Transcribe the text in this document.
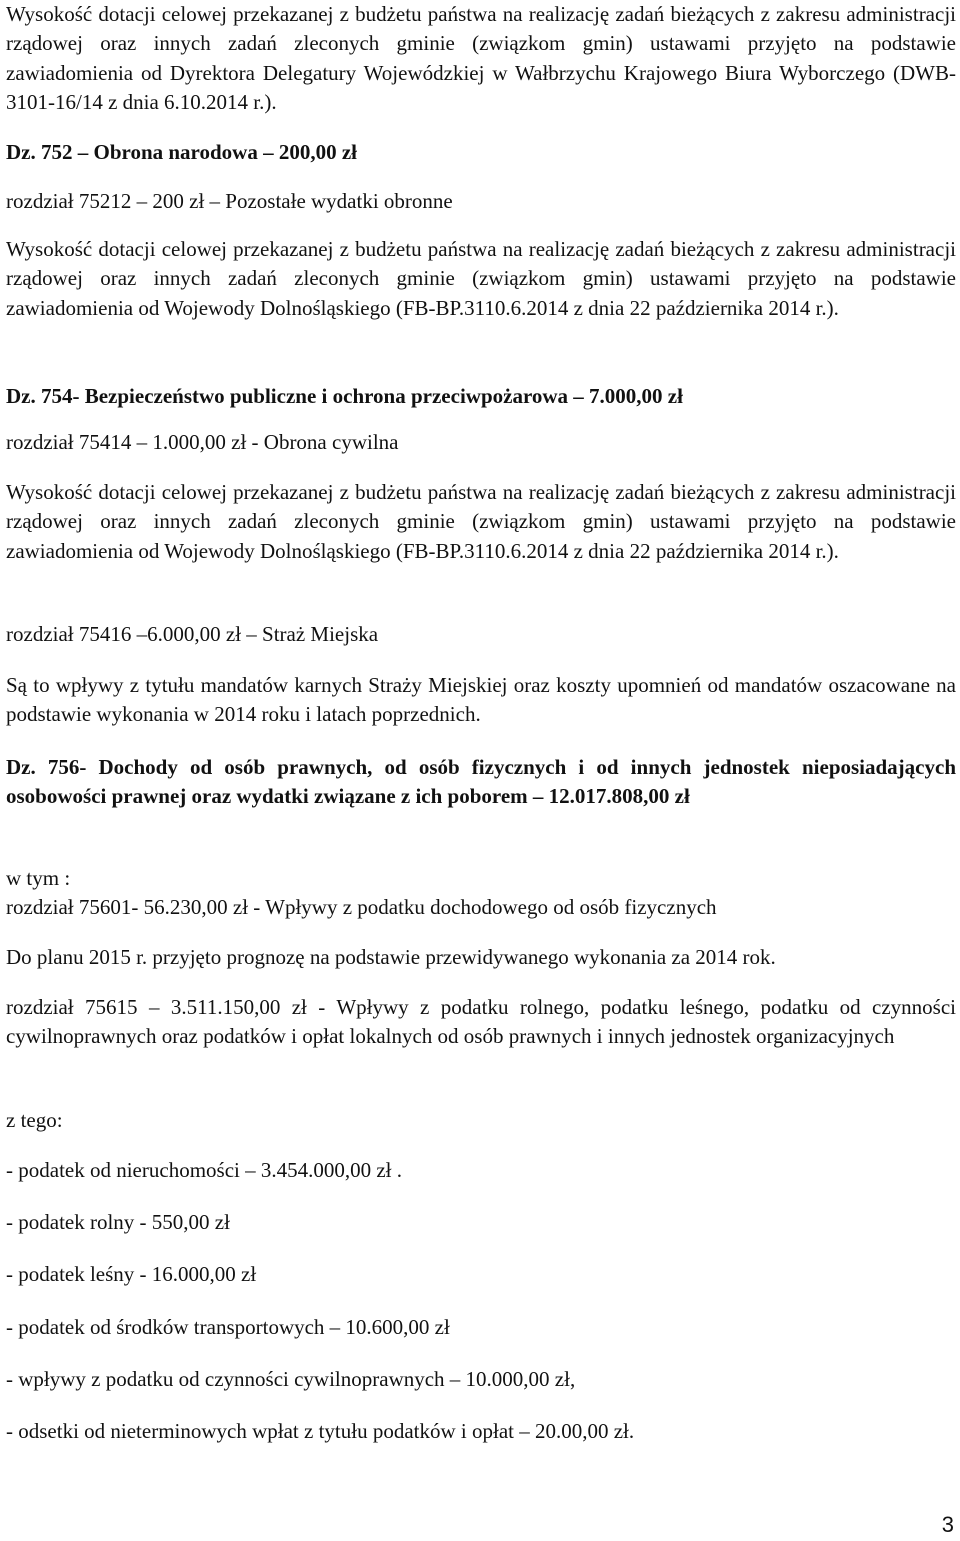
Wysokość dotacji celowej przekazanej z budżetu państwa na realizację zadań bieżących z zakresu administracji rządowej oraz innych zadań zleconych gminie (związkom gmin) ustawami przyjęto na podstawie zawiadomienia od Dyrektora Delegatury Wojewódzkiej w Wałbrzychu Krajowego Biura Wyborczego (DWB-3101-16/14 z dnia 6.10.2014 r.).

Dz. 752 – Obrona narodowa – 200,00 zł

rozdział 75212 – 200 zł – Pozostałe wydatki obronne

Wysokość dotacji celowej przekazanej z budżetu państwa na realizację zadań bieżących z zakresu administracji rządowej oraz innych zadań zleconych gminie (związkom gmin) ustawami przyjęto na podstawie zawiadomienia od Wojewody Dolnośląskiego (FB-BP.3110.6.2014 z dnia 22 października 2014 r.).

Dz. 754- Bezpieczeństwo publiczne i ochrona przeciwpożarowa – 7.000,00 zł

rozdział 75414 – 1.000,00 zł - Obrona cywilna

Wysokość dotacji celowej przekazanej z budżetu państwa na realizację zadań bieżących z zakresu administracji rządowej oraz innych zadań zleconych gminie (związkom gmin) ustawami przyjęto na podstawie zawiadomienia od Wojewody Dolnośląskiego (FB-BP.3110.6.2014 z dnia 22 października 2014 r.).

rozdział 75416 –6.000,00 zł – Straż Miejska

Są to wpływy z tytułu mandatów karnych Straży Miejskiej oraz koszty upomnień od mandatów oszacowane na podstawie wykonania w 2014 roku i latach poprzednich.

Dz. 756- Dochody od osób prawnych, od osób fizycznych i od innych jednostek nieposiadających osobowości prawnej oraz wydatki związane z ich poborem – 12.017.808,00 zł

w tym :

rozdział 75601- 56.230,00 zł - Wpływy z podatku dochodowego od osób fizycznych

Do planu 2015 r. przyjęto prognozę na podstawie przewidywanego wykonania za 2014 rok.

rozdział 75615 – 3.511.150,00 zł - Wpływy z podatku rolnego, podatku leśnego, podatku od czynności cywilnoprawnych oraz podatków i opłat lokalnych od osób prawnych i innych jednostek organizacyjnych

z tego:

- podatek od nieruchomości – 3.454.000,00 zł .

- podatek rolny - 550,00 zł

- podatek leśny - 16.000,00 zł

- podatek od środków transportowych – 10.600,00 zł

- wpływy z podatku od czynności cywilnoprawnych – 10.000,00 zł,

- odsetki od nieterminowych wpłat z tytułu podatków i opłat – 20.00,00 zł.

3
